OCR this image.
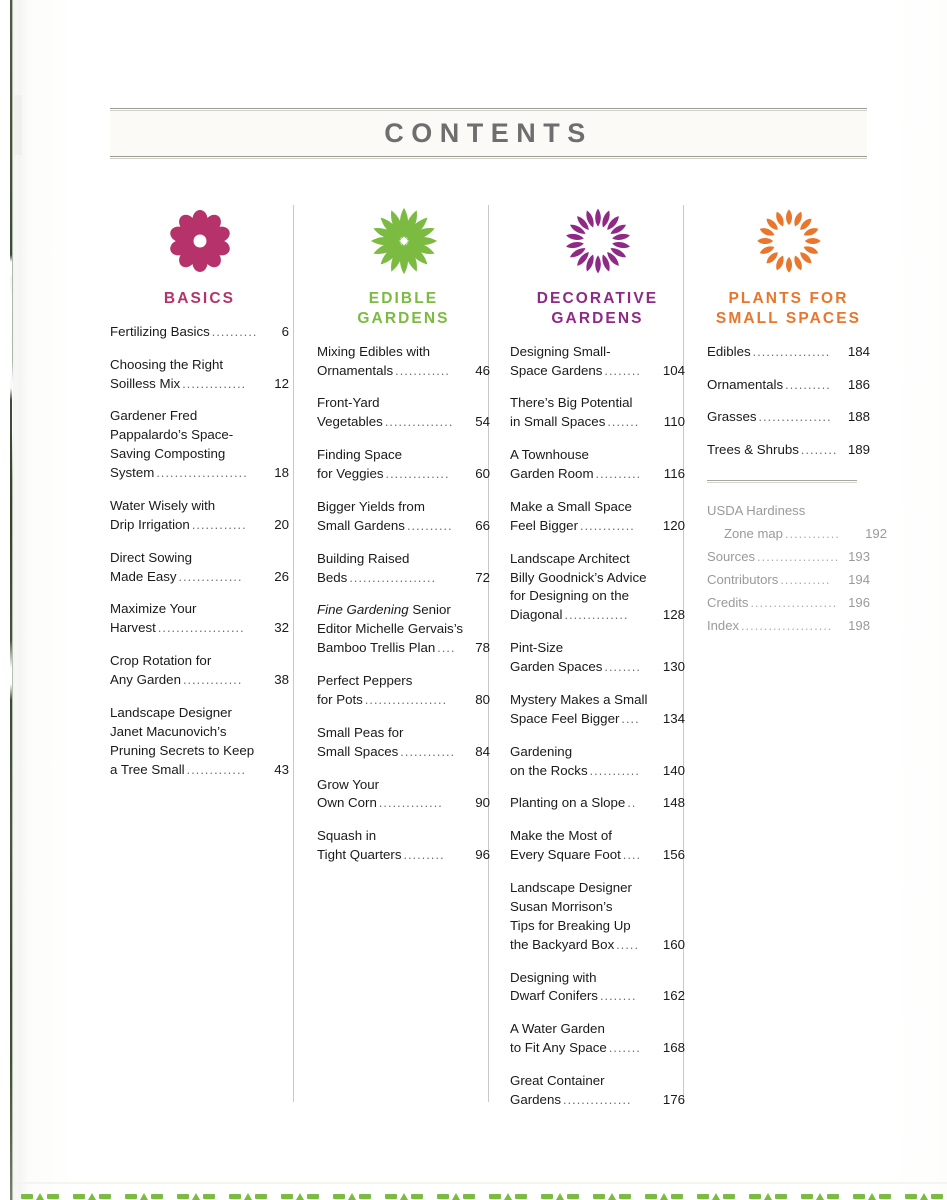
CONTENTS
BASICS
Fertilizing Basics ..........	6
Choosing the Right
Soilless Mix ..............	12
Gardener Fred
Pappalardo’s Space-
Saving Composting
System ....................	18
Water Wisely with
Drip Irrigation ............	20
Direct Sowing
Made Easy ..............	26
Maximize Your
Harvest ...................	32
Crop Rotation for
Any Garden .............	38
Landscape Designer
Janet Macunovich’s
Pruning Secrets to Keep
a Tree Small .............	43
EDIBLE
GARDENS
Mixing Edibles with
Ornamentals ............	46
Front-Yard
Vegetables ...............	54
Finding Space
for Veggies ..............	60
Bigger Yields from
Small Gardens ..........	66
Building Raised
Beds ...................	72
Fine Gardening Senior
Editor Michelle Gervais’s
Bamboo Trellis Plan ....	78
Perfect Peppers
for Pots ..................	80
Small Peas for
Small Spaces ............	84
Grow Your
Own Corn ..............	90
Squash in
Tight Quarters .........	96
DECORATIVE
GARDENS
Designing Small-
Space Gardens ........	104
There’s Big Potential
in Small Spaces .......	110
A Townhouse
Garden Room ..........	116
Make a Small Space
Feel Bigger ............	120
Landscape Architect
Billy Goodnick’s Advice
for Designing on the
Diagonal ..............	128
Pint-Size
Garden Spaces ........	130
Mystery Makes a Small
Space Feel Bigger ....	134
Gardening
on the Rocks ...........	140
Planting on a Slope ..	148
Make the Most of
Every Square Foot ....	156
Landscape Designer
Susan Morrison’s
Tips for Breaking Up
the Backyard Box .....	160
Designing with
Dwarf Conifers ........	162
A Water Garden
to Fit Any Space .......	168
Great Container
Gardens ...............	176
PLANTS FOR
SMALL SPACES
Edibles .................	184
Ornamentals ..........	186
Grasses ................	188
Trees & Shrubs ........ 189
USDA Hardiness
Zone map ............	192
Sources .................. 193
Contributors ...........	194
Credits ................... 196
Index ....................	198
